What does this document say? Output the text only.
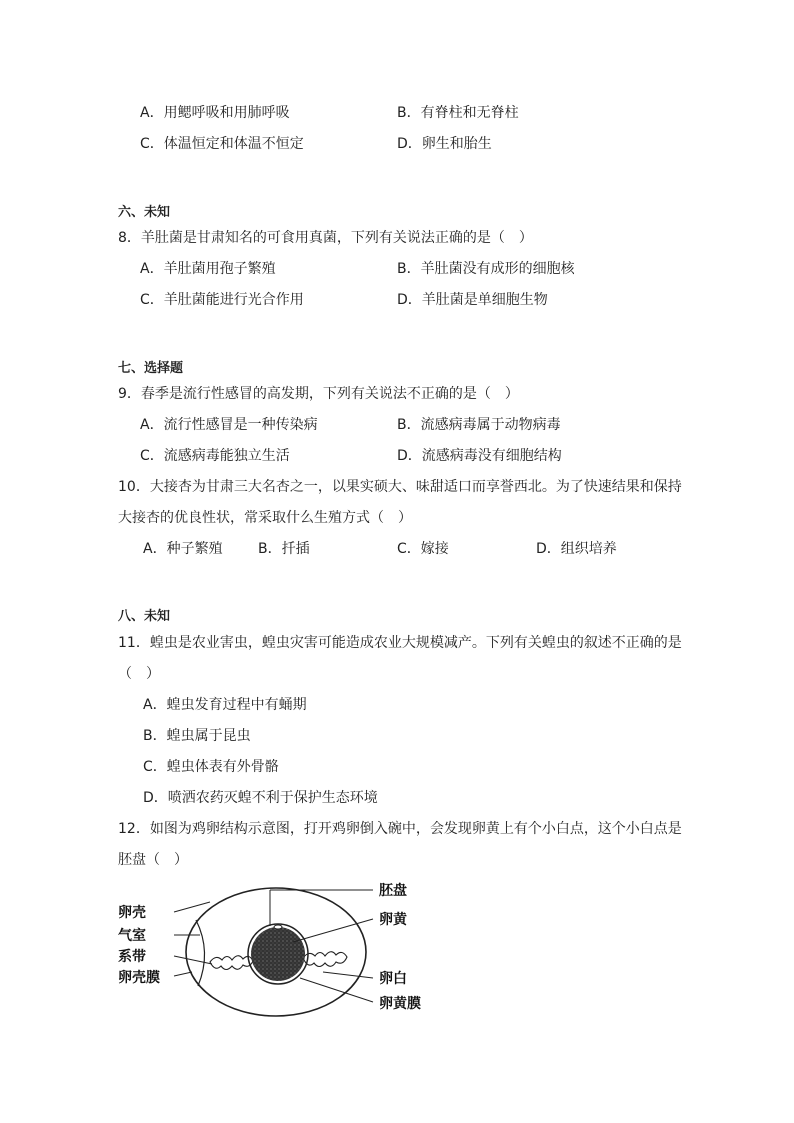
A．用鳃呼吸和用肺呼吸	B．有脊柱和无脊柱
C．体温恒定和体温不恒定	D．卵生和胎生
六、未知
8．羊肚菌是甘肃知名的可食用真菌，下列有关说法正确的是（　）
A．羊肚菌用孢子繁殖	B．羊肚菌没有成形的细胞核
C．羊肚菌能进行光合作用	D．羊肚菌是单细胞生物
七、选择题
9．春季是流行性感冒的高发期，下列有关说法不正确的是（　）
A．流行性感冒是一种传染病	B．流感病毒属于动物病毒
C．流感病毒能独立生活	D．流感病毒没有细胞结构
10．大接杏为甘肃三大名杏之一，以果实硕大、味甜适口而享誉西北。为了快速结果和保持
大接杏的优良性状，常采取什么生殖方式（　）
A．种子繁殖	B．扦插	C．嫁接	D．组织培养
八、未知
11．蝗虫是农业害虫，蝗虫灾害可能造成农业大规模减产。下列有关蝗虫的叙述不正确的是
（　）
A．蝗虫发育过程中有蛹期
B．蝗虫属于昆虫
C．蝗虫体表有外骨骼
D．喷洒农药灭蝗不利于保护生态环境
12．如图为鸡卵结构示意图，打开鸡卵倒入碗中，会发现卵黄上有个小白点，这个小白点是
胚盘（　）
卵壳
气室
系带
卵壳膜
胚盘
卵黄
卵白
卵黄膜
